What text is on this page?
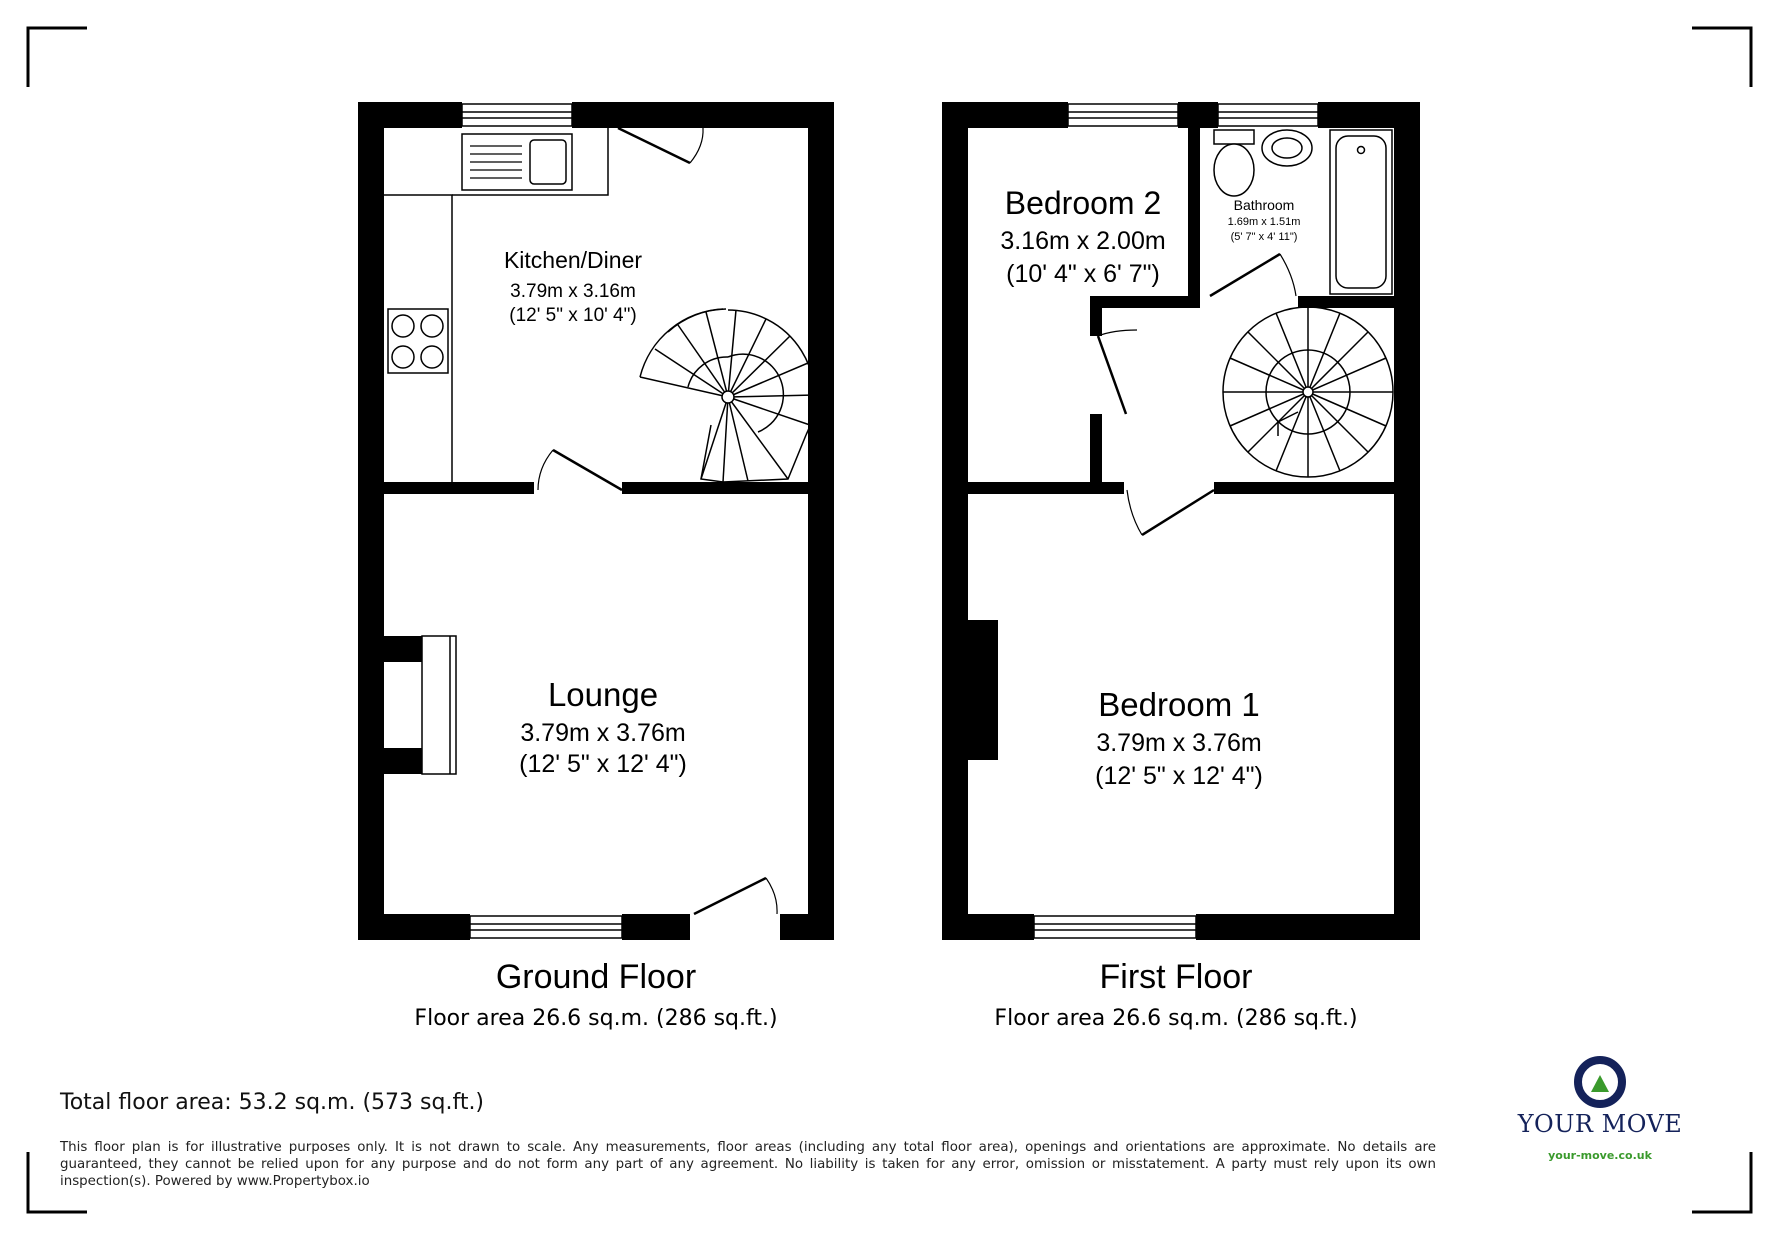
Kitchen/Diner
3.79m x 3.16m
(12' 5" x 10' 4")
Lounge
3.79m x 3.76m
(12' 5" x 12' 4")
Ground Floor
Floor area 26.6 sq.m. (286 sq.ft.)
Bedroom 2
3.16m x 2.00m
(10' 4" x 6' 7")
Bathroom
1.69m x 1.51m
(5' 7" x 4' 11")
Bedroom 1
3.79m x 3.76m
(12' 5" x 12' 4")
First Floor
Floor area 26.6 sq.m. (286 sq.ft.)

Total floor area: 53.2 sq.m. (573 sq.ft.)

This floor plan is for illustrative purposes only. It is not drawn to scale. Any measurements, floor areas (including any total floor area), openings and orientations are approximate. No details are guaranteed, they cannot be relied upon for any purpose and do not form any part of any agreement. No liability is taken for any error, omission or misstatement. A party must rely upon its own inspection(s). Powered by www.Propertybox.io

YOUR MOVE
your-move.co.uk
